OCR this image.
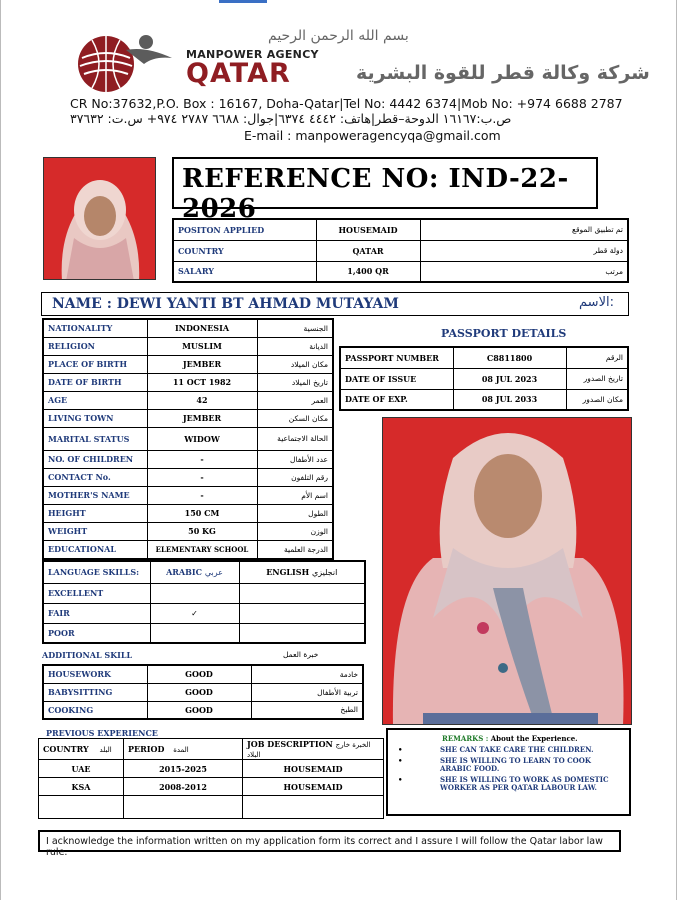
بسم الله الرحمن الرحيم
MANPOWER AGENCY
QATAR	شركة وكالة قطر للقوة البشرية
CR No:37632,P.O. Box : 16167, Doha-Qatar|Tel No: 4442 6374|Mob No: +974 6688 2787
ص.ب:١٦١٦٧ الدوحة–قطر|هاتف: ٤٤٤٢ ٦٣٧٤|جوال: ٦٦٨٨ ٢٧٨٧ ٩٧٤+ س.ت: ٣٧٦٣٢
E-mail : manpoweragencyqa@gmail.com
REFERENCE NO: IND-22-2026
POSITON APPLIED	HOUSEMAID	تم تطبيق الموقع
COUNTRY	QATAR	دولة قطر
SALARY	1,400 QR	مرتب
NAME : DEWI YANTI BT AHMAD MUTAYAM	الاسم:
NATIONALITY	INDONESIA	الجنسية
RELIGION	MUSLIM	الديانة
PLACE OF BIRTH	JEMBER	مكان الميلاد
DATE OF BIRTH	11 OCT 1982	تاريخ الميلاد
AGE	42	العمر
LIVING TOWN	JEMBER	مكان السكن
MARITAL STATUS	WIDOW	الحالة الاجتماعية
NO. OF CHILDREN	-	عدد الأطفال
CONTACT No.	-	رقم التلفون
MOTHER'S NAME	-	اسم الأم
HEIGHT	150 CM	الطول
WEIGHT	50 KG	الوزن
EDUCATIONAL	ELEMENTARY SCHOOL	الدرجة العلمية
PASSPORT DETAILS
PASSPORT NUMBER	C8811800	الرقم
DATE OF ISSUE	08 JUL 2023	تاريخ الصدور
DATE OF EXP.	08 JUL 2033	مكان الصدور
LANGUAGE SKILLS:	ARABIC عربي	ENGLISH انجليزي
EXCELLENT		
FAIR	✓	
POOR		
ADDITIONAL SKILL	خبرة العمل
HOUSEWORK	GOOD	خادمة
BABYSITTING	GOOD	تربية الأطفال
COOKING	GOOD	الطبخ
PREVIOUS EXPERIENCE
COUNTRY البلد	PERIOD المدة	JOB DESCRIPTION الخبرة خارج البلاد
UAE	2015-2025	HOUSEMAID
KSA	2008-2012	HOUSEMAID

REMARKS : About the Experience.
• SHE CAN TAKE CARE THE CHILDREN.
• SHE IS WILLING TO LEARN TO COOK ARABIC FOOD.
• SHE IS WILLING TO WORK AS DOMESTIC WORKER AS PER QATAR LABOUR LAW.
I acknowledge the information written on my application form its correct and I assure I will follow the Qatar labor law rule.
